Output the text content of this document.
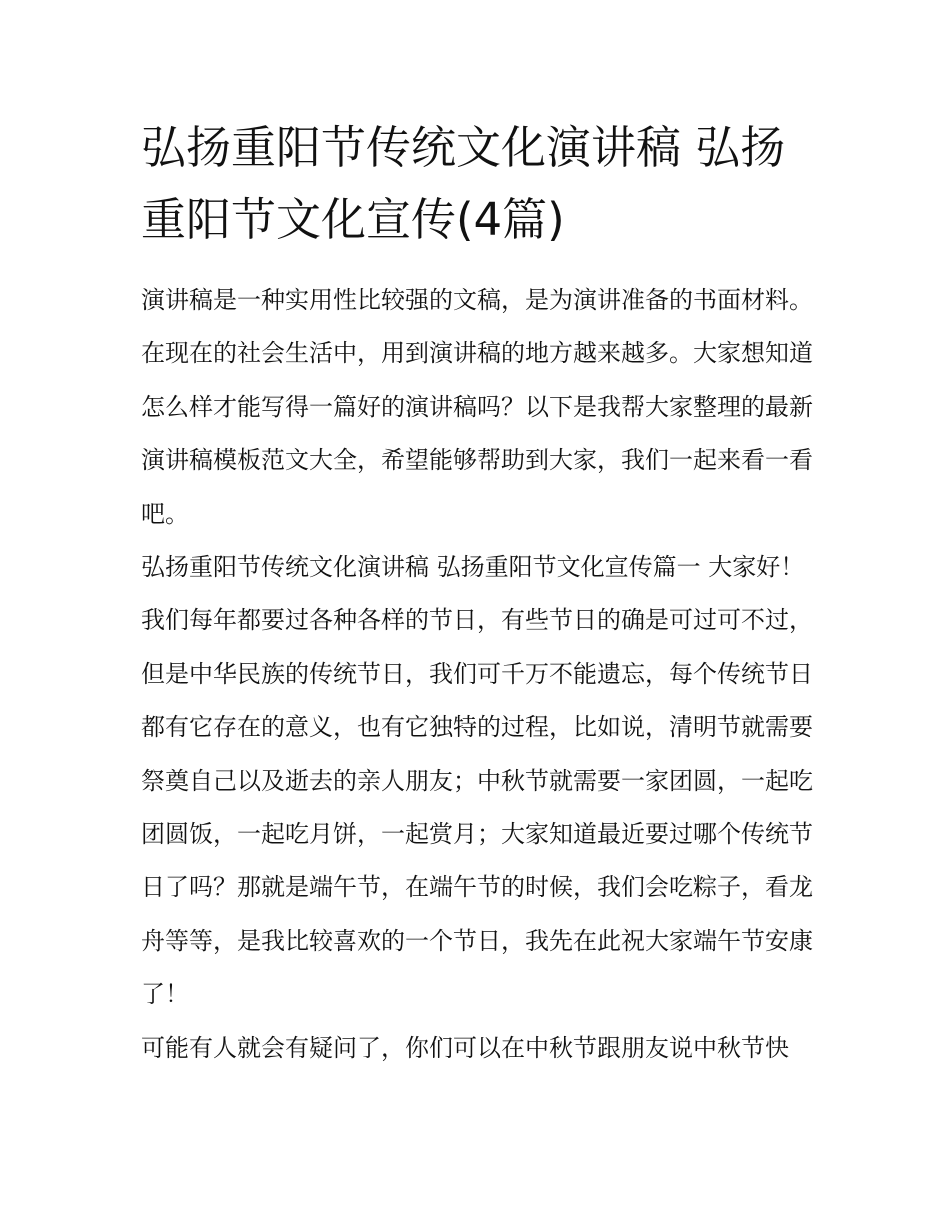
弘扬重阳节传统文化演讲稿 弘扬重阳节文化宣传(4篇)

演讲稿是一种实用性比较强的文稿，是为演讲准备的书面材料。在现在的社会生活中，用到演讲稿的地方越来越多。大家想知道怎么样才能写得一篇好的演讲稿吗？以下是我帮大家整理的最新演讲稿模板范文大全，希望能够帮助到大家，我们一起来看一看吧。

弘扬重阳节传统文化演讲稿 弘扬重阳节文化宣传篇一 大家好！

我们每年都要过各种各样的节日，有些节日的确是可过可不过，但是中华民族的传统节日，我们可千万不能遗忘，每个传统节日都有它存在的意义，也有它独特的过程，比如说，清明节就需要祭奠自己以及逝去的亲人朋友；中秋节就需要一家团圆，一起吃团圆饭，一起吃月饼，一起赏月；大家知道最近要过哪个传统节日了吗？那就是端午节，在端午节的时候，我们会吃粽子，看龙舟等等，是我比较喜欢的一个节日，我先在此祝大家端午节安康了！

可能有人就会有疑问了，你们可以在中秋节跟朋友说中秋节快
